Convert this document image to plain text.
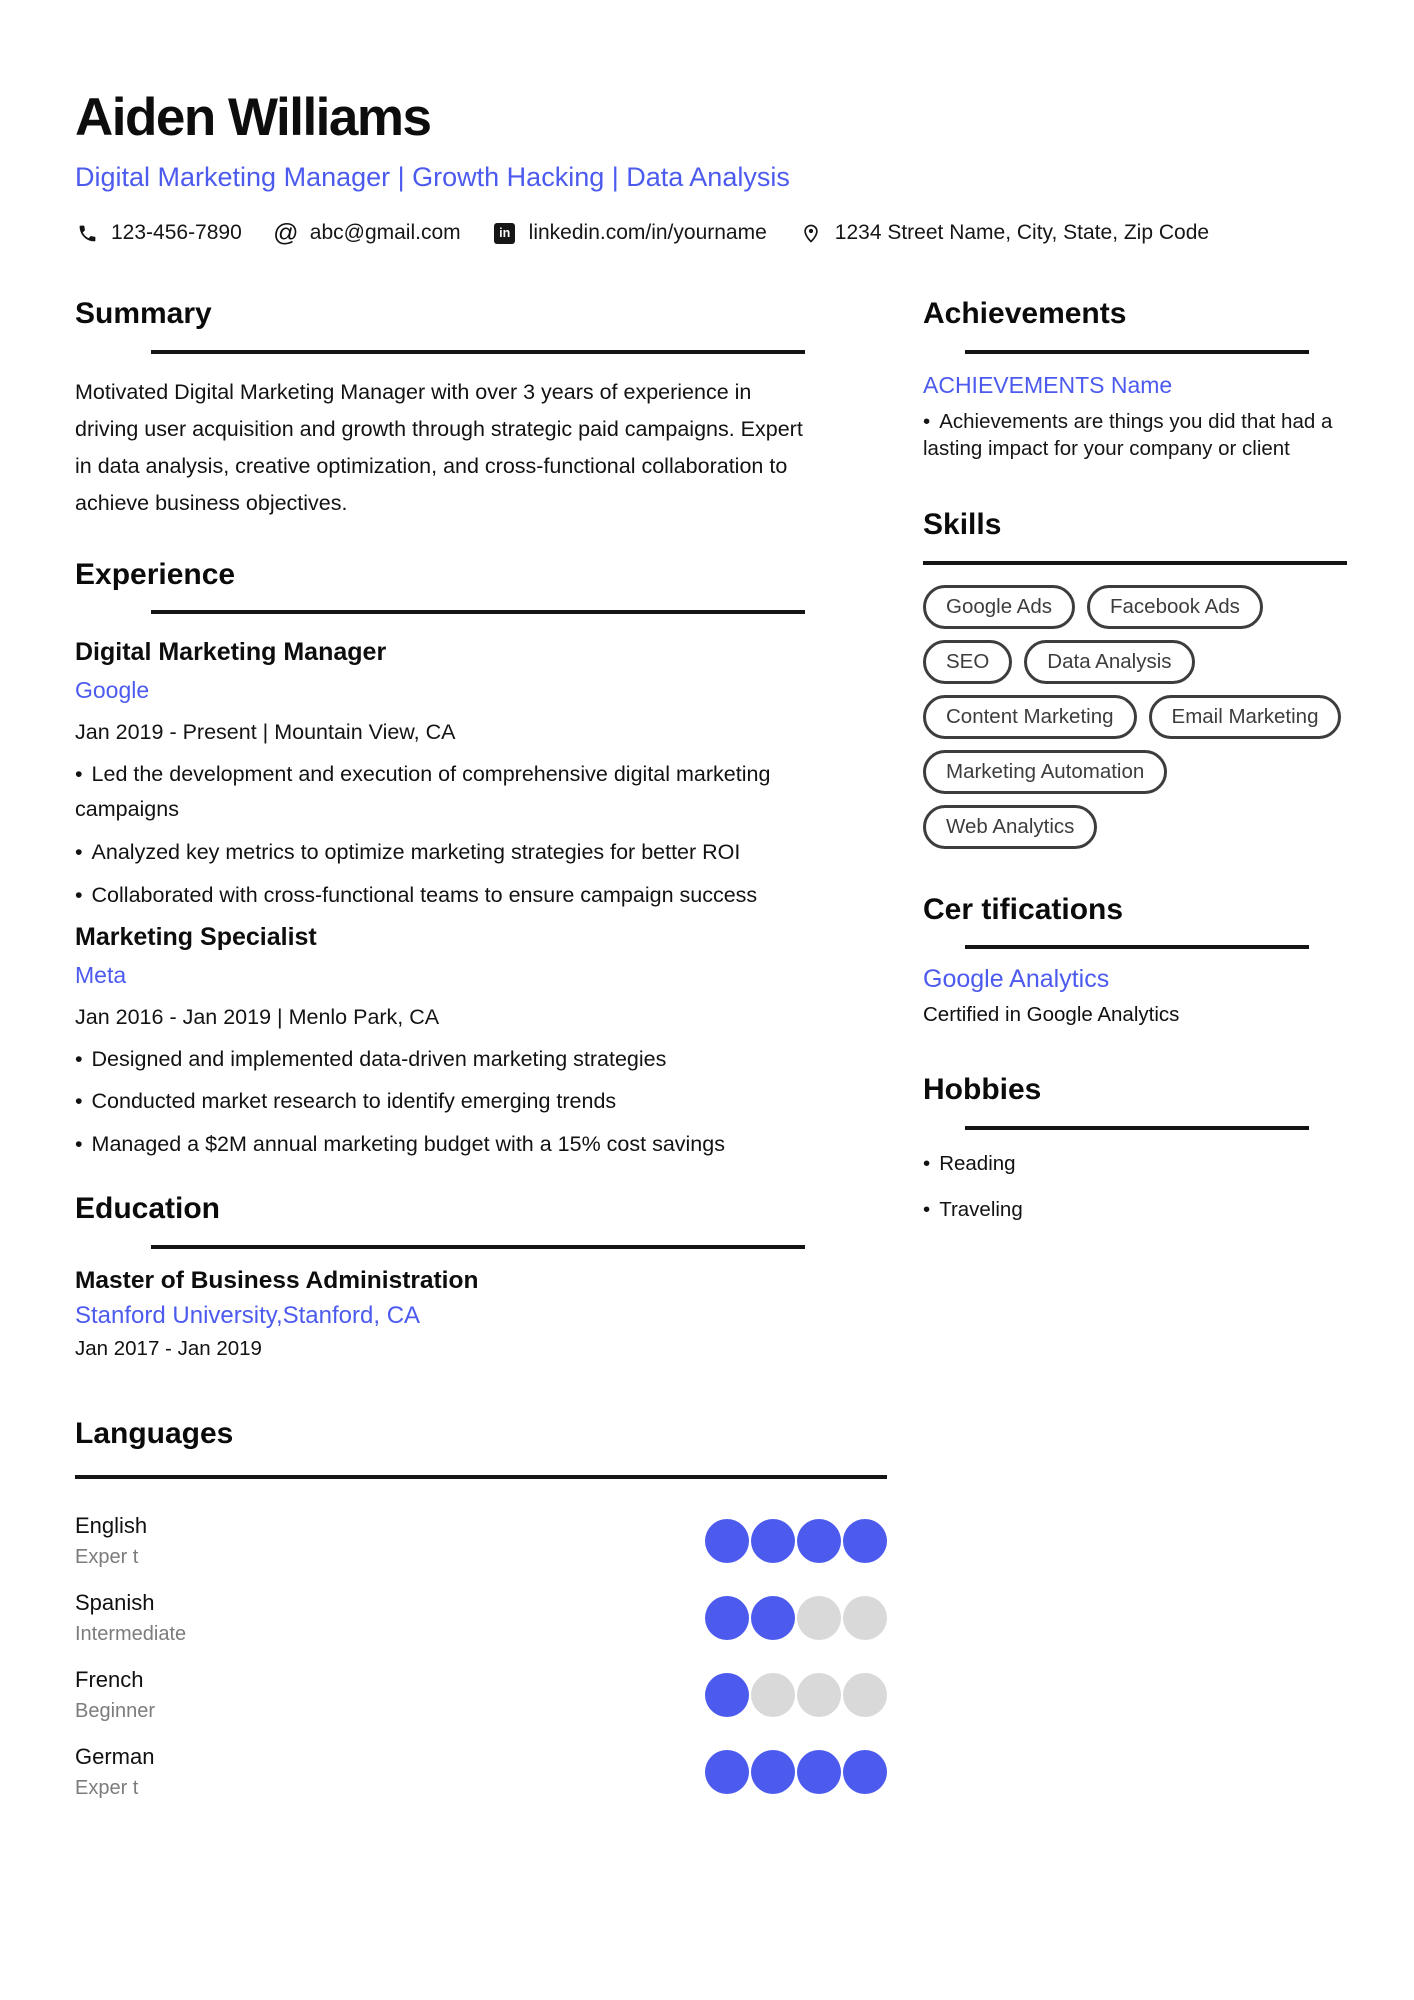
Aiden Williams
Digital Marketing Manager | Growth Hacking | Data Analysis
123-456-7890 @ abc@gmail.com	in linkedin.com/in/yourname	1234 Street Name, City, State, Zip Code
Summary

Motivated Digital Marketing Manager with over 3 years of experience in driving user acquisition and growth through strategic paid campaigns. Expert in data analysis, creative optimization, and cross-functional collaboration to achieve business objectives.

Experience
Digital Marketing Manager
Google
Jan 2019 - Present | Mountain View, CA
• Led the development and execution of comprehensive digital marketing campaigns
• Analyzed key metrics to optimize marketing strategies for better ROI
• Collaborated with cross-functional teams to ensure campaign success
Marketing Specialist
Meta
Jan 2016 - Jan 2019 | Menlo Park, CA
• Designed and implemented data-driven marketing strategies
• Conducted market research to identify emerging trends
• Managed a $2M annual marketing budget with a 15% cost savings
Education
Master of Business Administration
Stanford University,Stanford, CA
Jan 2017 - Jan 2019
Languages
English
Exper t
Spanish
Intermediate
French
Beginner
German
Exper t
Achievements
ACHIEVEMENTS Name
• Achievements are things you did that had a lasting impact for your company or client
Skills
Google Ads	Facebook Ads
SEO	Data Analysis
Content Marketing	Email Marketing
Marketing Automation
Web Analytics
Cer tifications
Google Analytics
Certified in Google Analytics
Hobbies
• Reading
• Traveling
